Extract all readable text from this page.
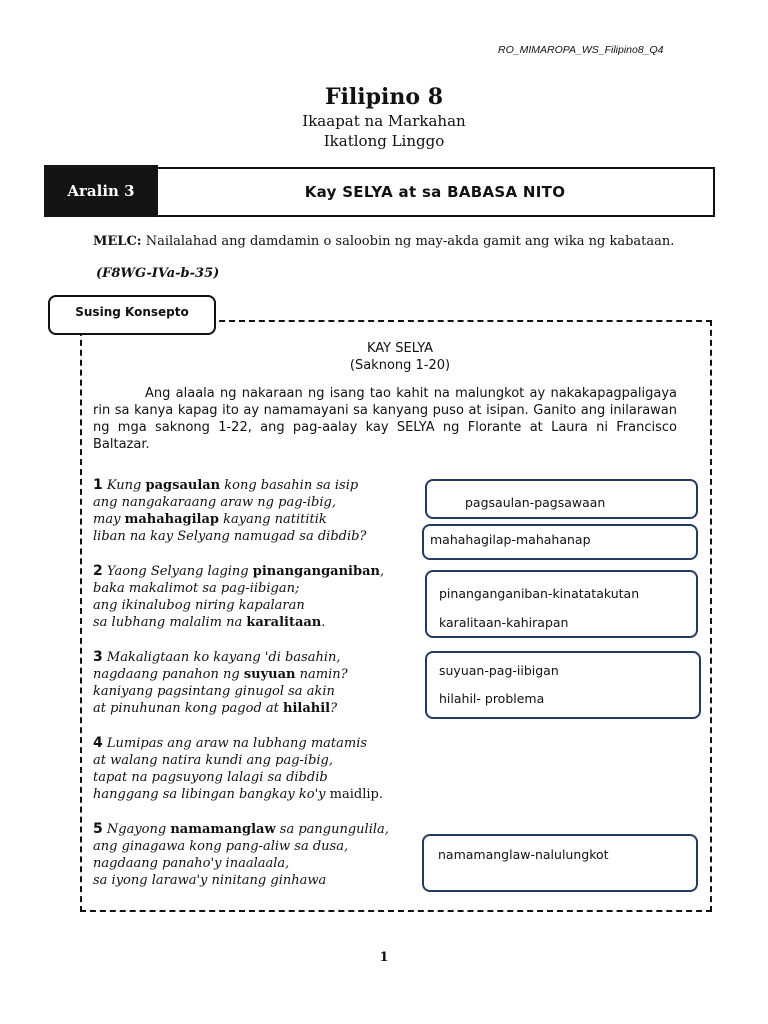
RO_MIMAROPA_WS_Filipino8_Q4
Filipino 8
Ikaapat na Markahan
Ikatlong Linggo
Aralin 3	Kay SELYA at sa BABASA NITO
MELC: Nailalahad ang damdamin o saloobin ng may-akda gamit ang wika ng kabataan.
(F8WG-IVa-b-35)
Susing Konsepto
KAY SELYA
(Saknong 1-20)

Ang alaala ng nakaraan ng isang tao kahit na malungkot ay nakakapagpaligaya rin sa kanya kapag ito ay namamayani sa kanyang puso at isipan. Ganito ang inilarawan ng mga saknong 1-22, ang pag-aalay kay SELYA ng Florante at Laura ni Francisco Baltazar.

1 Kung pagsaulan kong basahin sa isip
ang nangakaraang araw ng pag-ibig,
may mahahagilap kayang natititik
liban na kay Selyang namugad sa dibdib?
2 Yaong Selyang laging pinanganganiban,
baka makalimot sa pag-iibigan;
ang ikinalubog niring kapalaran
sa lubhang malalim na karalitaan.
3 Makaligtaan ko kayang 'di basahin,
nagdaang panahon ng suyuan namin?
kaniyang pagsintang ginugol sa akin
at pinuhunan kong pagod at hilahil?
4 Lumipas ang araw na lubhang matamis
at walang natira kundi ang pag-ibig,
tapat na pagsuyong lalagi sa dibdib
hanggang sa libingan bangkay ko'y maidlip.
5 Ngayong namamanglaw sa pangungulila,
ang ginagawa kong pang-aliw sa dusa,
nagdaang panaho'y inaalaala,
sa iyong larawa'y ninitang ginhawa
pagsaulan-pagsawaan
mahahagilap-mahahanap
pinanganganiban-kinatatakutan
karalitaan-kahirapan
suyuan-pag-iibigan
hilahil- problema
namamanglaw-nalulungkot
1
